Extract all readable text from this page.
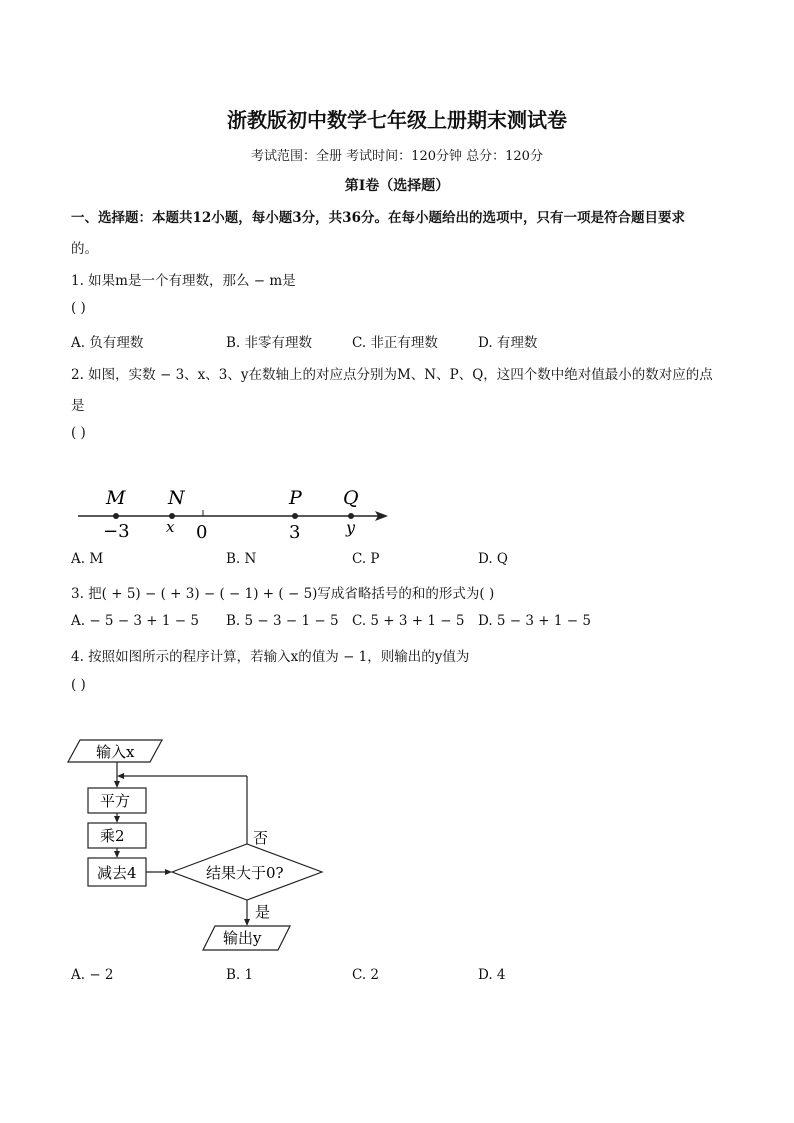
浙教版初中数学七年级上册期末测试卷
考试范围：全册 考试时间：120分钟 总分：120分
第Ⅰ卷（选择题）
一、选择题：本题共12小题，每小题3分，共36分。在每小题给出的选项中，只有一项是符合题目要求
的。
1. 如果m是一个有理数，那么 − m是
( )
A. 负有理数	B. 非零有理数	C. 非正有理数	D. 有理数
2. 如图，实数 − 3、x、3、y在数轴上的对应点分别为M、N、P、Q，这四个数中绝对值最小的数对应的点
是
( )
M N	P Q
−3 x 0	3	y
A. M	B. N	C. P	D. Q
3. 把( + 5) − ( + 3) − ( − 1) + ( − 5)写成省略括号的和的形式为( )
A. − 5 − 3 + 1 − 5 B. 5 − 3 − 1 − 5 C. 5 + 3 + 1 − 5 D. 5 − 3 + 1 − 5
4. 按照如图所示的程序计算，若输入x的值为 − 1，则输出的y值为
( )
输入x
平方
乘2
减去4	结果大于0?
否
是
输出y
A. − 2	B. 1	C. 2	D. 4
